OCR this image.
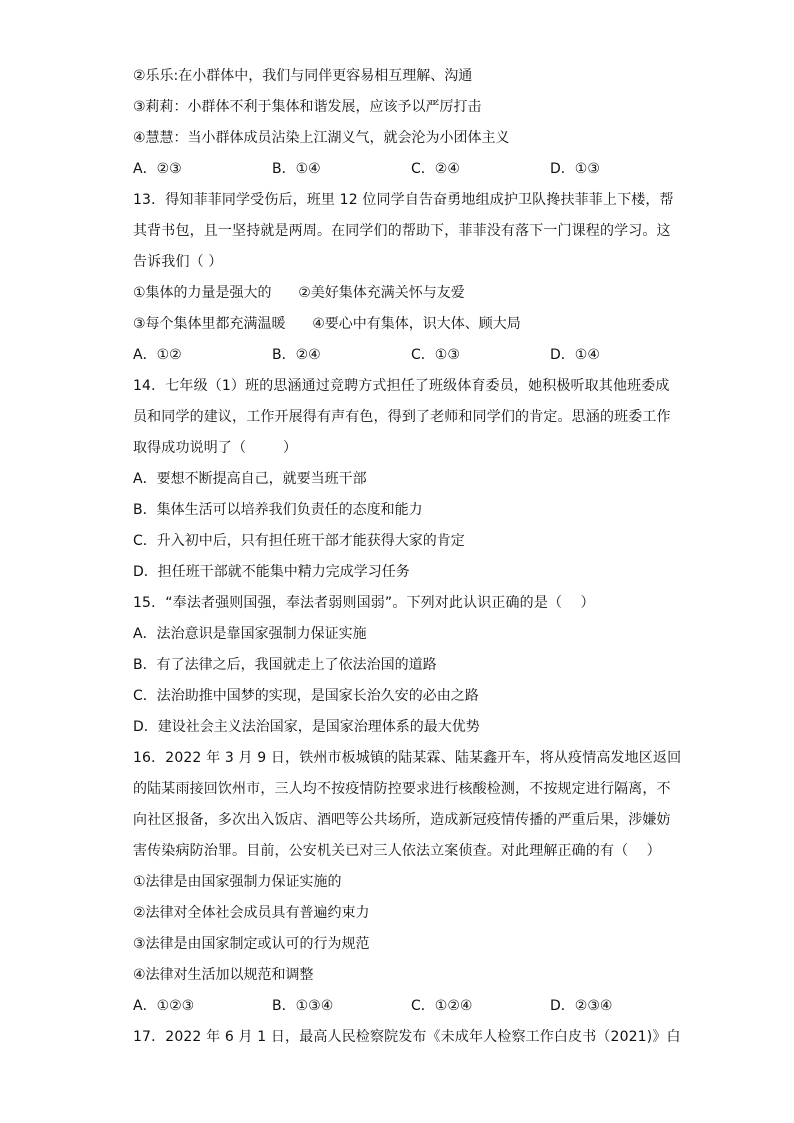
②乐乐:在小群体中，我们与同伴更容易相互理解、沟通
③莉莉：小群体不利于集体和谐发展，应该予以严厉打击
④慧慧：当小群体成员沾染上江湖义气，就会沦为小团体主义
A．②③	B．①④	C．②④	D．①③
13．得知菲菲同学受伤后，班里 12 位同学自告奋勇地组成护卫队搀扶菲菲上下楼，帮
其背书包，且一坚持就是两周。在同学们的帮助下，菲菲没有落下一门课程的学习。这
告诉我们（ ）
①集体的力量是强大的      ②美好集体充满关怀与友爱
③每个集体里都充满温暖      ④要心中有集体，识大体、顾大局
A．①②	B．②④	C．①③	D．①④
14．七年级（1）班的思涵通过竞聘方式担任了班级体育委员，她积极听取其他班委成
员和同学的建议，工作开展得有声有色，得到了老师和同学们的肯定。思涵的班委工作
取得成功说明了（        ）
A．要想不断提高自己，就要当班干部
B．集体生活可以培养我们负责任的态度和能力
C．升入初中后，只有担任班干部才能获得大家的肯定
D．担任班干部就不能集中精力完成学习任务
15．“奉法者强则国强，奉法者弱则国弱”。下列对此认识正确的是（    ）
A．法治意识是靠国家强制力保证实施
B．有了法律之后，我国就走上了依法治国的道路
C．法治助推中国梦的实现，是国家长治久安的必由之路
D．建设社会主义法治国家，是国家治理体系的最大优势
16．2022 年 3 月 9 日，铁州市板城镇的陆某霖、陆某鑫开车，将从疫情高发地区返回
的陆某雨接回饮州市，三人均不按疫情防控要求进行核酸检测，不按规定进行隔离，不
向社区报备，多次出入饭店、酒吧等公共场所，造成新冠疫情传播的严重后果，涉嫌妨
害传染病防治罪。目前，公安机关已对三人依法立案侦查。对此理解正确的有（    ）
①法律是由国家强制力保证实施的
②法律对全体社会成员具有普遍约束力
③法律是由国家制定或认可的行为规范
④法律对生活加以规范和调整
A．①②③	B．①③④	C．①②④	D．②③④
17．2022 年 6 月 1 日，最高人民检察院发布《未成年人检察工作白皮书（2021)》白
